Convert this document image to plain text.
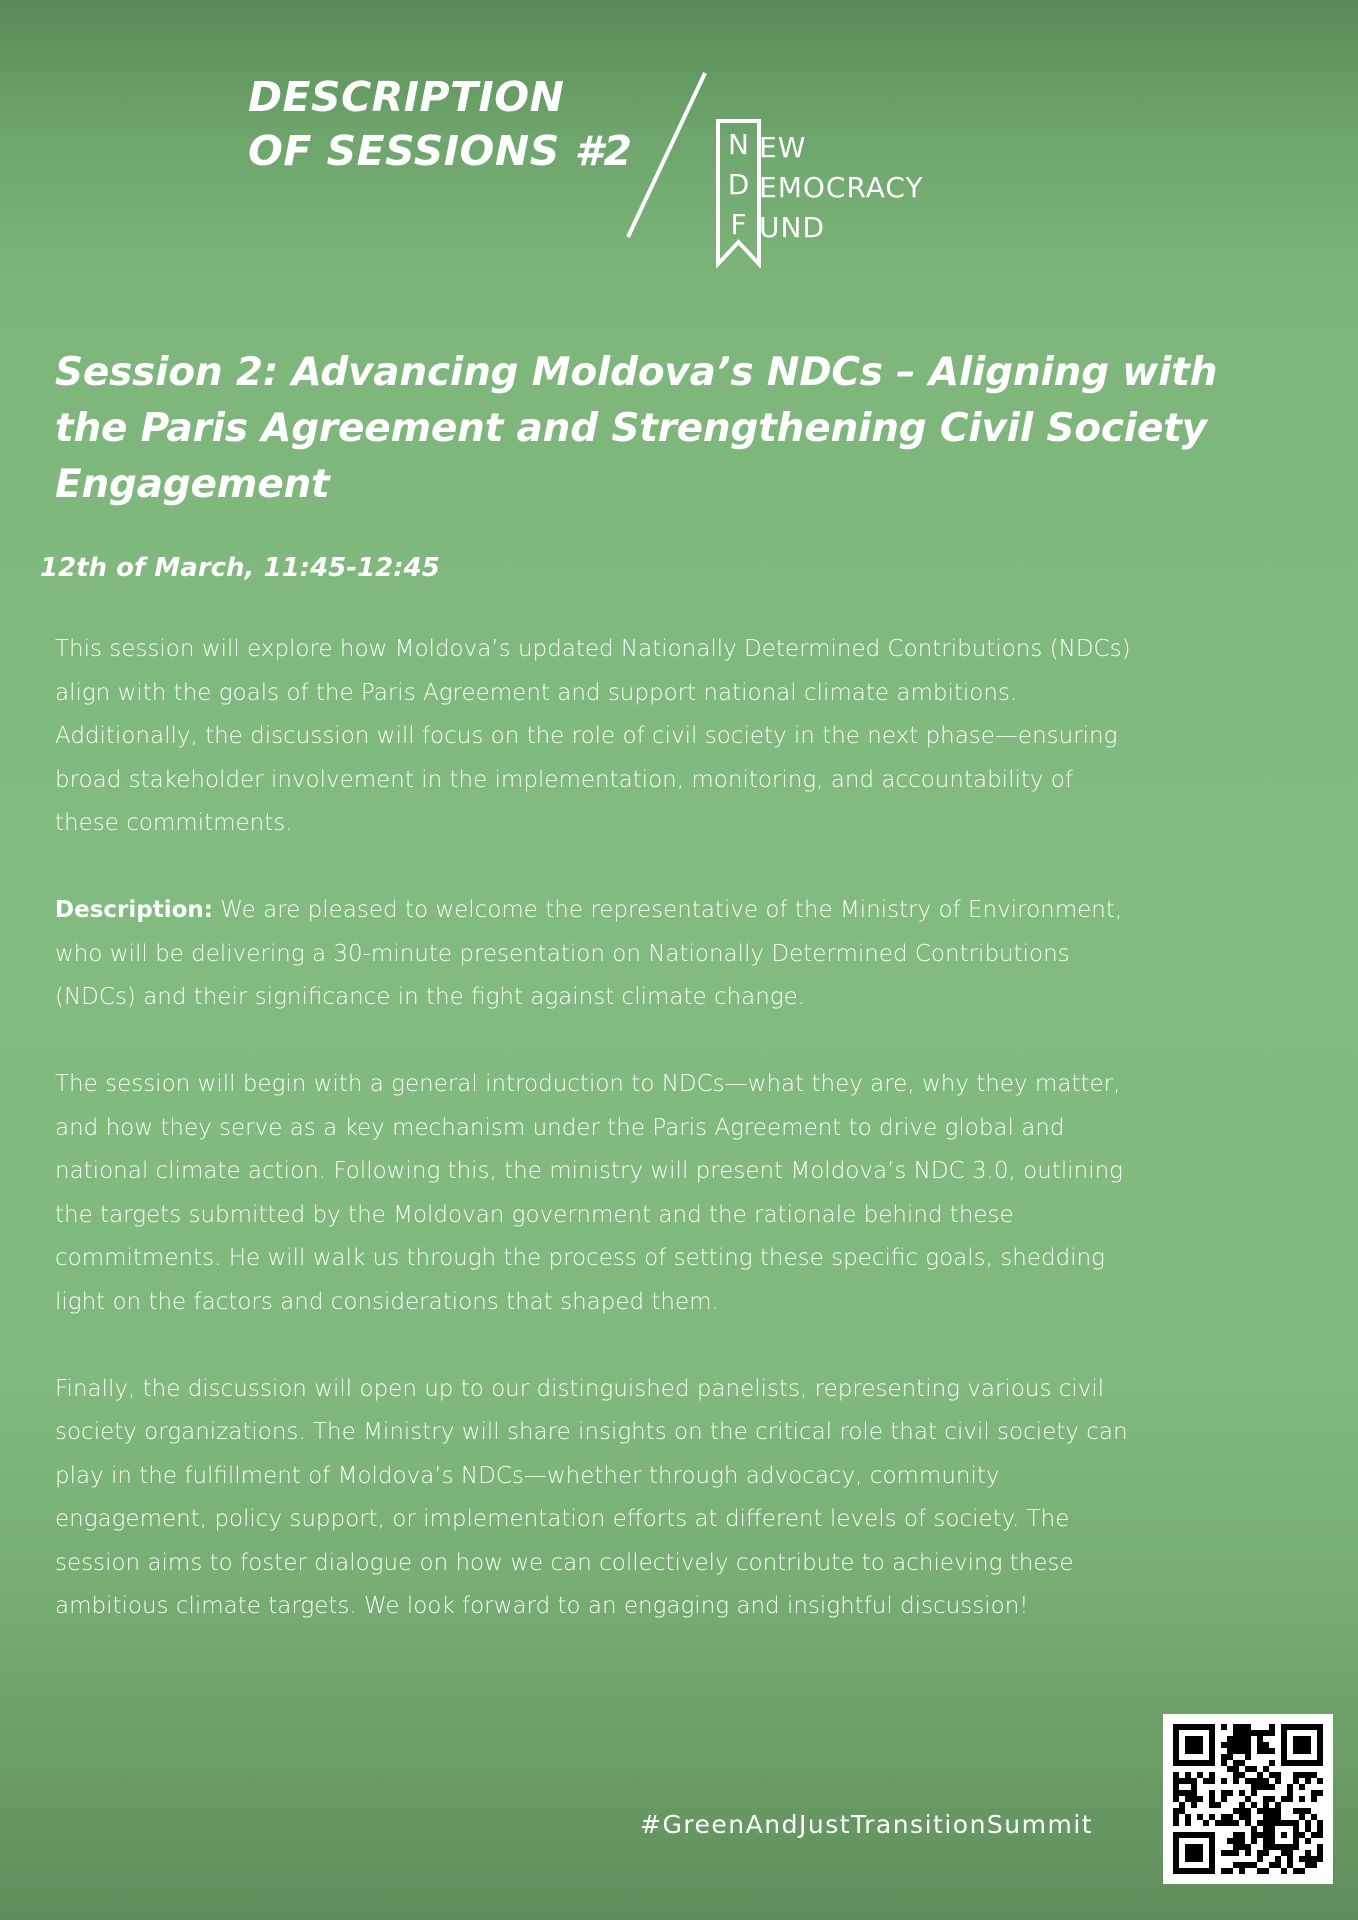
DESCRIPTION
OF SESSIONS #2	N
D
F
EW
EMOCRACY
UND
Session 2: Advancing Moldova’s NDCs – Aligning with
the Paris Agreement and Strengthening Civil Society
Engagement
12th of March, 11:45-12:45
This session will explore how Moldova’s updated Nationally Determined Contributions (NDCs)
align with the goals of the Paris Agreement and support national climate ambitions.
Additionally, the discussion will focus on the role of civil society in the next phase—ensuring
broad stakeholder involvement in the implementation, monitoring, and accountability of
these commitments.
Description: We are pleased to welcome the representative of the Ministry of Environment,
who will be delivering a 30-minute presentation on Nationally Determined Contributions
(NDCs) and their significance in the fight against climate change.
The session will begin with a general introduction to NDCs—what they are, why they matter,
and how they serve as a key mechanism under the Paris Agreement to drive global and
national climate action. Following this, the ministry will present Moldova’s NDC 3.0, outlining
the targets submitted by the Moldovan government and the rationale behind these
commitments. He will walk us through the process of setting these specific goals, shedding
light on the factors and considerations that shaped them.
Finally, the discussion will open up to our distinguished panelists, representing various civil
society organizations. The Ministry will share insights on the critical role that civil society can
play in the fulfillment of Moldova’s NDCs—whether through advocacy, community
engagement, policy support, or implementation efforts at different levels of society. The
session aims to foster dialogue on how we can collectively contribute to achieving these
ambitious climate targets. We look forward to an engaging and insightful discussion!
#GreenAndJustTransitionSummit
